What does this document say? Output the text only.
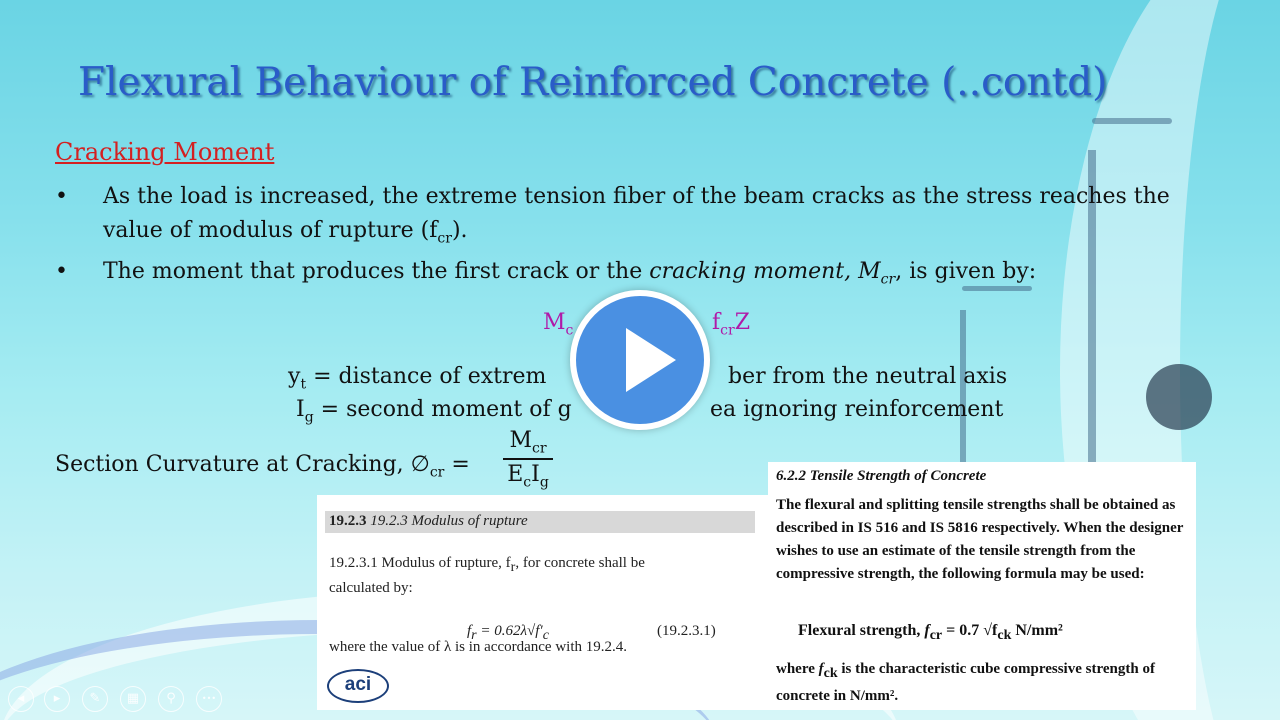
Flexural Behaviour of Reinforced Concrete (..contd)
Cracking Moment
• As the load is increased, the extreme tension fiber of the beam cracks as the stress reaches the
value of modulus of rupture $(f_{cr})$.
• The moment that produces the first crack or the cracking moment, $M_{cr}$, is given by:
$M_c$	$f_{cr}Z$
$y_t$ = distance of extrem	ber from the neutral axis
$I_g$ = second moment of g	ea ignoring reinforcement
Section Curvature at Cracking, $\emptyset_{cr}$ =
$M_{cr}$
$E_cI_g$
19.2.3 19.2.3 Modulus of rupture
19.2.3.1 Modulus of rupture, $f_r$, for concrete shall be
calculated by:
$f_r = 0.62\lambda√f'_c$	(19.2.3.1)
where the value of λ is in accordance with 19.2.4.
aci
6.2.2 Tensile Strength of Concrete
The flexural and splitting tensile strengths shall be obtained as described in IS 516 and IS 5816 respectively. When the designer wishes to use an estimate of the tensile strength from the compressive strength, the following formula may be used:
Flexural strength, $f_{cr} = 0.7$ $√f_{ck}$ N/mm²
where $f_{ck}$ is the characteristic cube compressive strength of concrete in N/mm².
◂	▸	✎	▦	⚲	•••
